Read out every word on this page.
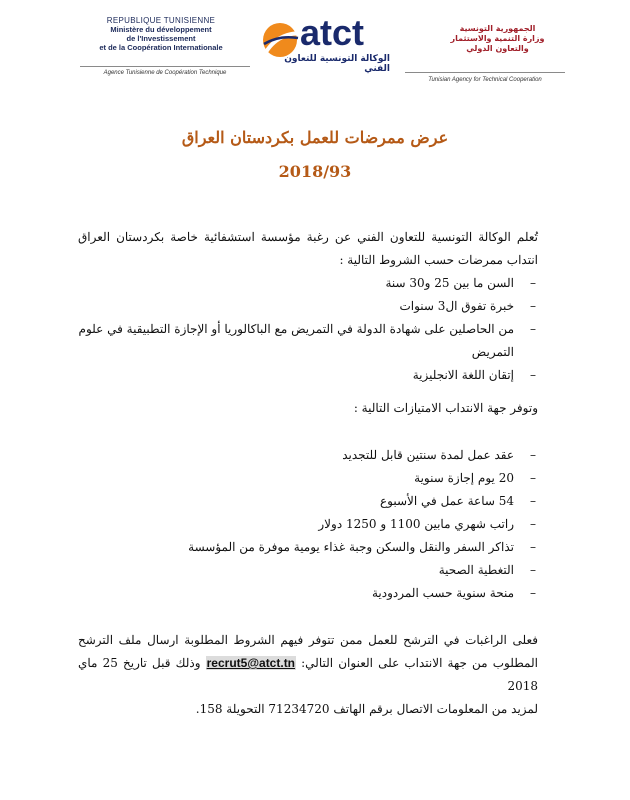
REPUBLIQUE TUNISIENNE
Ministère du développement
de l'Investissement
et de la Coopération Internationale
Agence Tunisienne de Coopération Technique
atct
الوكالة التونسية للتعاون الفني
الجمهورية التونسية
وزارة التنمية والاستثمار
والتعاون الدولي
Tunisian Agency for Technical Cooperation
عرض ممرضات للعمل بكردستان العراق
2018/93
تُعلم الوكالة التونسية للتعاون الفني عن رغبة مؤسسة استشفائية خاصة بكردستان العراق انتداب ممرضات حسب الشروط التالية :
– السن ما بين 25 و30 سنة
– خبرة تفوق ال3 سنوات
– من الحاصلين على شهادة الدولة في التمريض مع الباكالوريا أو الإجازة التطبيقية في علوم التمريض
– إتقان اللغة الانجليزية
وتوفر جهة الانتداب الامتيازات التالية :
– عقد عمل لمدة سنتين قابل للتجديد
– 20 يوم إجازة سنوية
– 54 ساعة عمل في الأسبوع
– راتب شهري مابين 1100 و 1250 دولار
– تذاكر السفر والنقل والسكن وجبة غذاء يومية موفرة من المؤسسة
– التغطية الصحية
– منحة سنوية حسب المردودية
فعلى الراغبات في الترشح للعمل ممن تتوفر فيهم الشروط المطلوبة ارسال ملف الترشح المطلوب من جهة الانتداب على العنوان التالي: recrut5@atct.tn وذلك قبل تاريخ 25 ماي 2018
لمزيد من المعلومات الاتصال برقم الهاتف 71234720 التحويلة 158.
